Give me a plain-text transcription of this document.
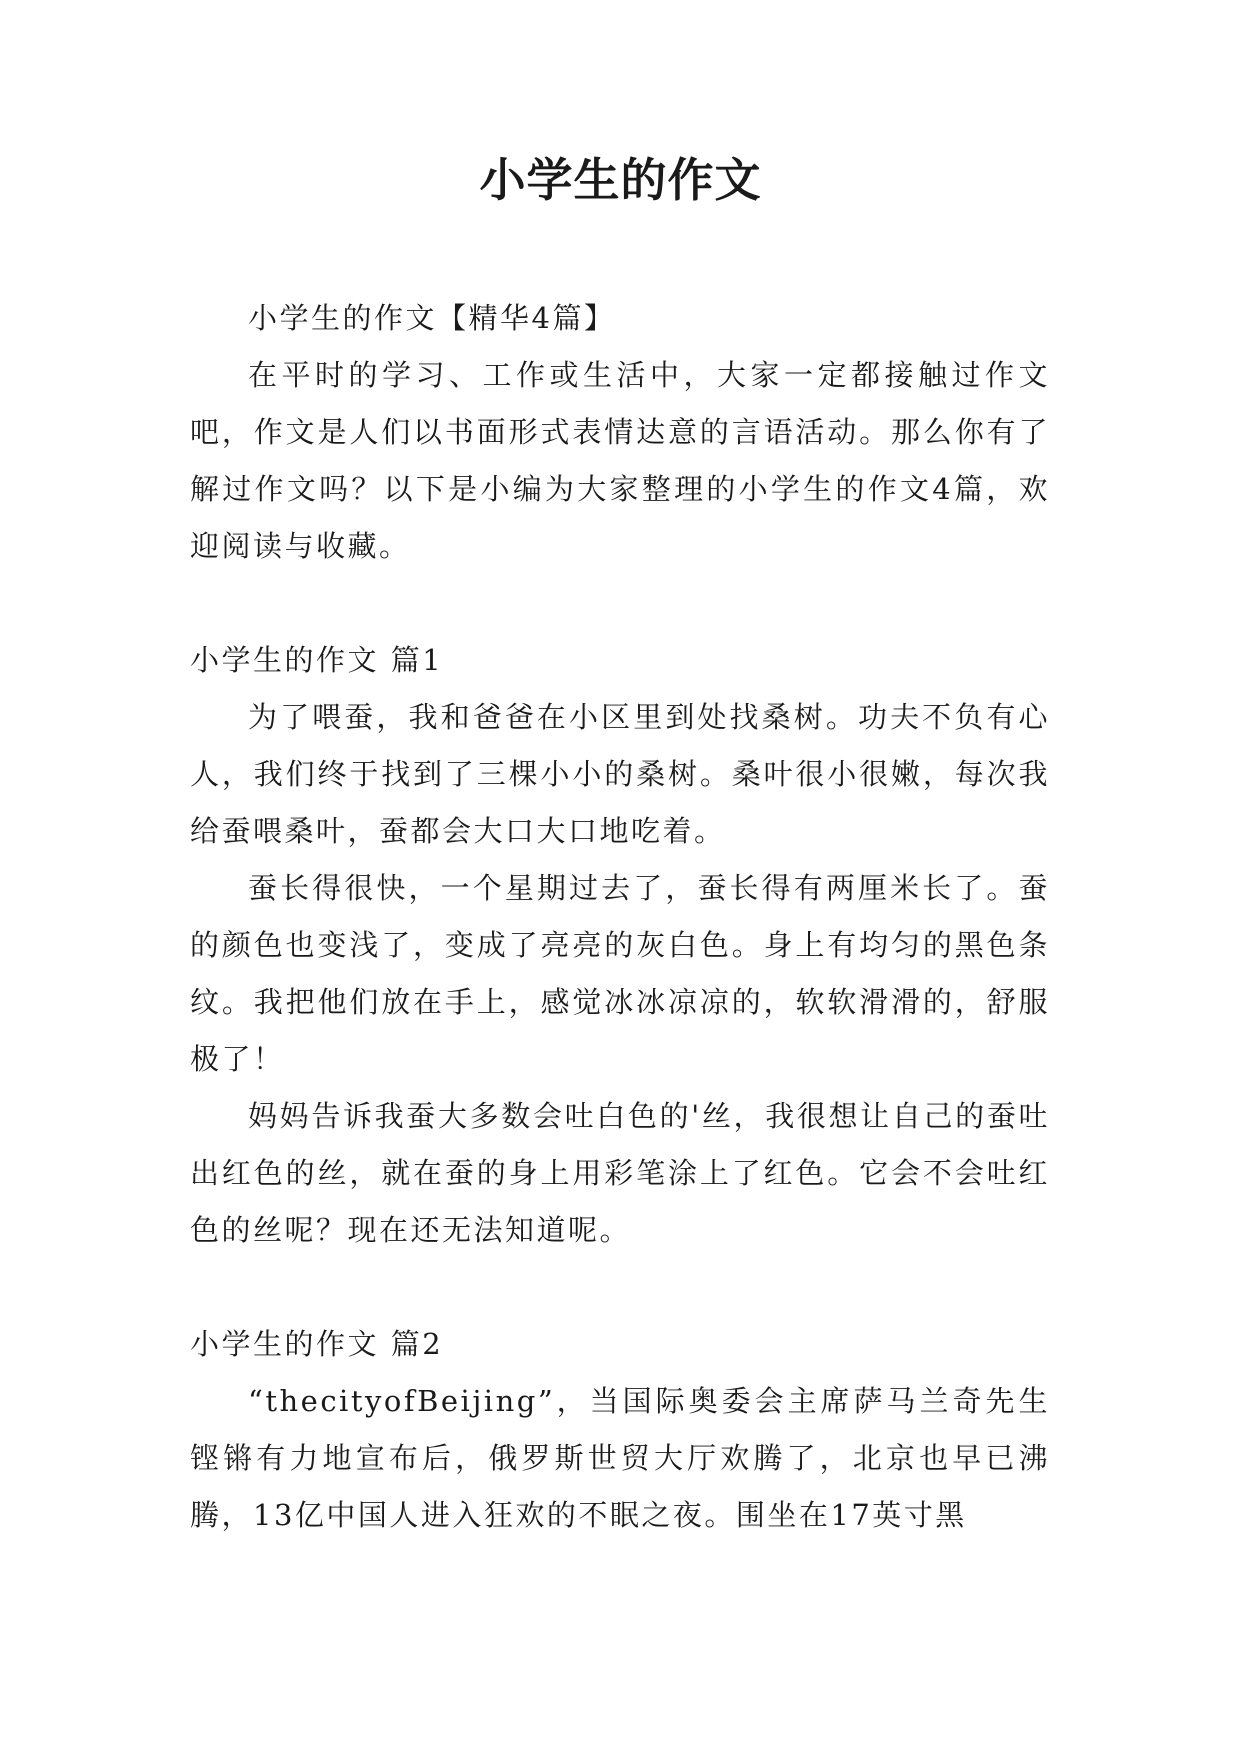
小学生的作文

小学生的作文【精华4篇】

在平时的学习、工作或生活中，大家一定都接触过作文吧，作文是人们以书面形式表情达意的言语活动。那么你有了解过作文吗？以下是小编为大家整理的小学生的作文4篇，欢迎阅读与收藏。

小学生的作文 篇1

为了喂蚕，我和爸爸在小区里到处找桑树。功夫不负有心人，我们终于找到了三棵小小的桑树。桑叶很小很嫩，每次我给蚕喂桑叶，蚕都会大口大口地吃着。

蚕长得很快，一个星期过去了，蚕长得有两厘米长了。蚕的颜色也变浅了，变成了亮亮的灰白色。身上有均匀的黑色条纹。我把他们放在手上，感觉冰冰凉凉的，软软滑滑的，舒服极了！

妈妈告诉我蚕大多数会吐白色的'丝，我很想让自己的蚕吐出红色的丝，就在蚕的身上用彩笔涂上了红色。它会不会吐红色的丝呢？现在还无法知道呢。

小学生的作文 篇2

“thecityofBeijing”，当国际奥委会主席萨马兰奇先生铿锵有力地宣布后，俄罗斯世贸大厅欢腾了，北京也早已沸腾，13亿中国人进入狂欢的不眠之夜。围坐在17英寸黑
